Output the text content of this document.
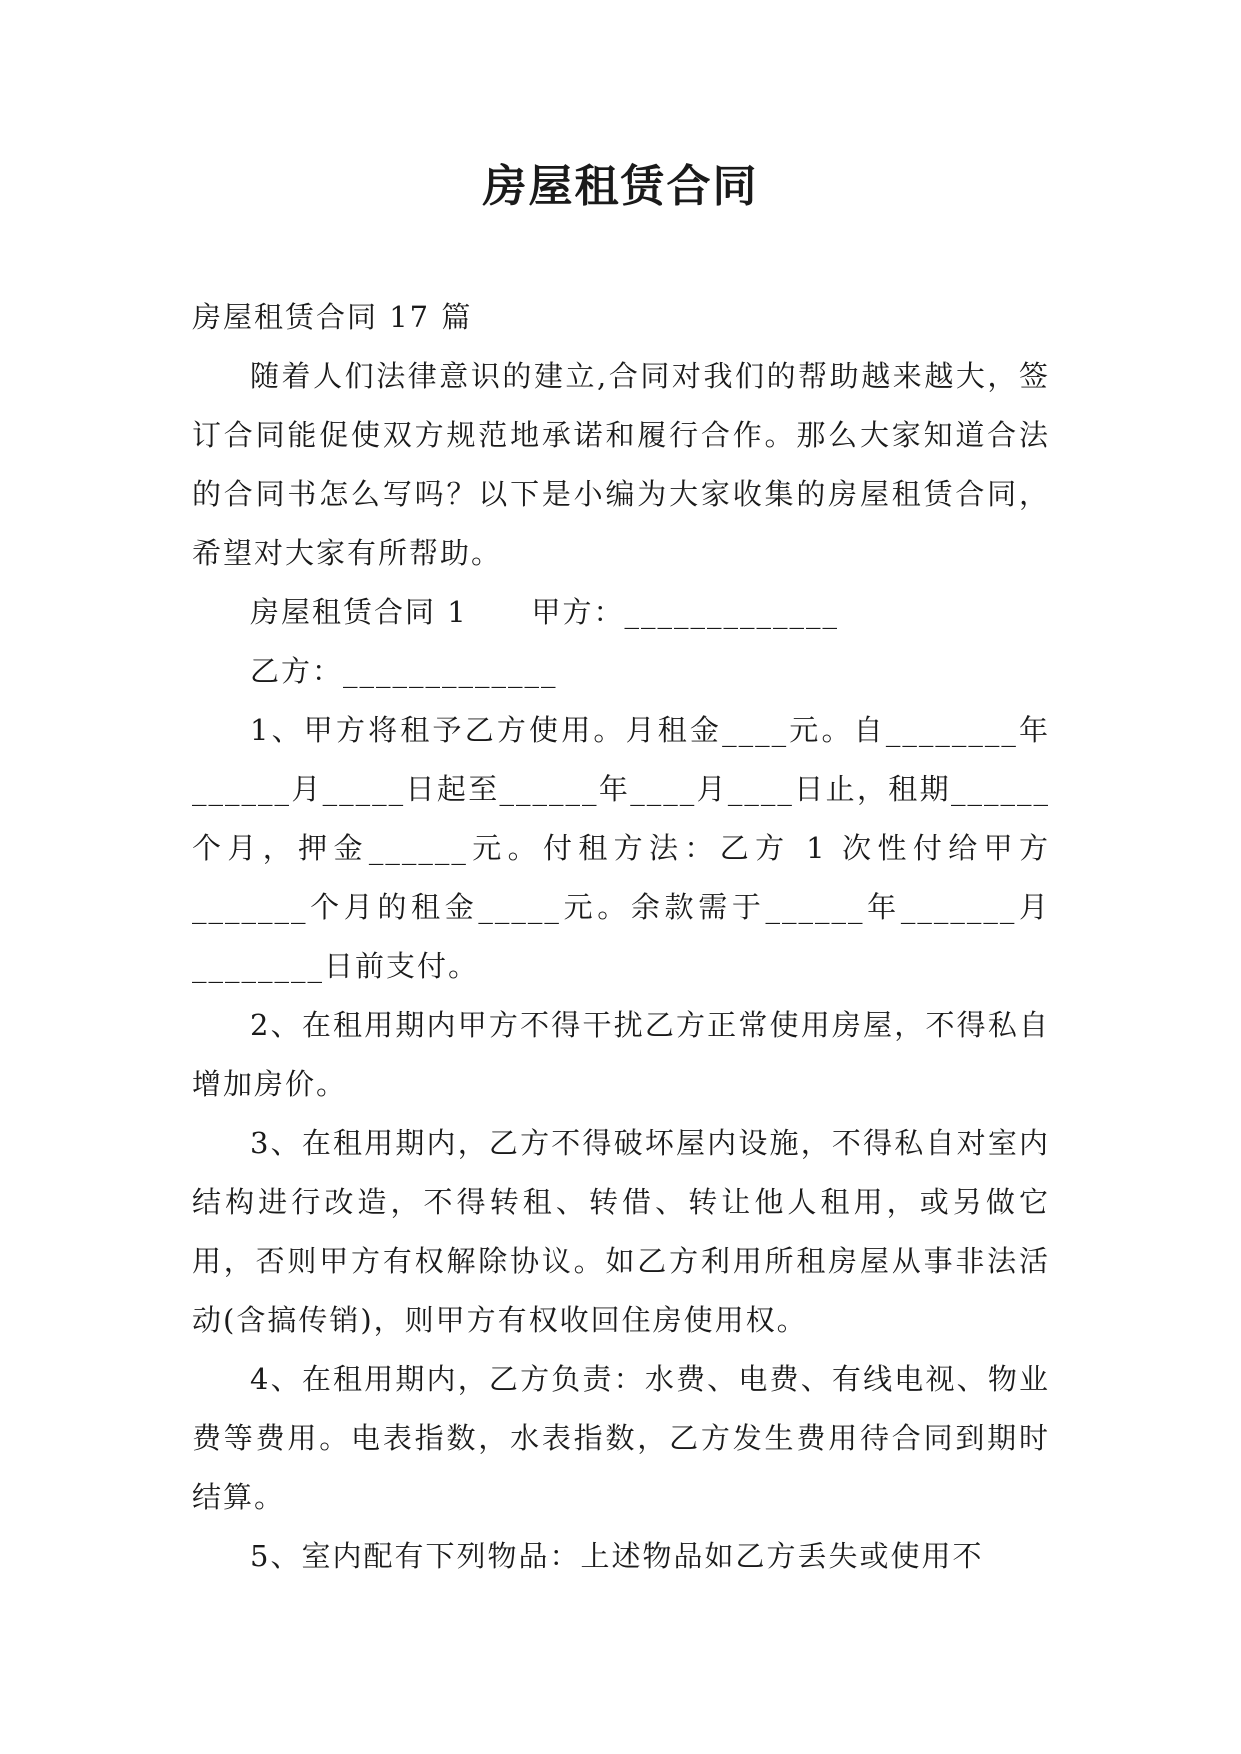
房屋租赁合同

房屋租赁合同 17 篇

随着人们法律意识的建立,合同对我们的帮助越来越大，签订合同能促使双方规范地承诺和履行合作。那么大家知道合法的合同书怎么写吗？以下是小编为大家收集的房屋租赁合同，希望对大家有所帮助。

房屋租赁合同 1 甲方：_____________

乙方：_____________

1、甲方将租予乙方使用。月租金____元。自________年______月_____日起至______年____月____日止，租期______个月，押金______元。付租方法：乙方 1 次性付给甲方_______个月的租金_____元。余款需于______年_______月________日前支付。

2、在租用期内甲方不得干扰乙方正常使用房屋，不得私自增加房价。

3、在租用期内，乙方不得破坏屋内设施，不得私自对室内结构进行改造，不得转租、转借、转让他人租用，或另做它用，否则甲方有权解除协议。如乙方利用所租房屋从事非法活动(含搞传销)，则甲方有权收回住房使用权。

4、在租用期内，乙方负责：水费、电费、有线电视、物业费等费用。电表指数，水表指数，乙方发生费用待合同到期时结算。

5、室内配有下列物品：上述物品如乙方丢失或使用不
